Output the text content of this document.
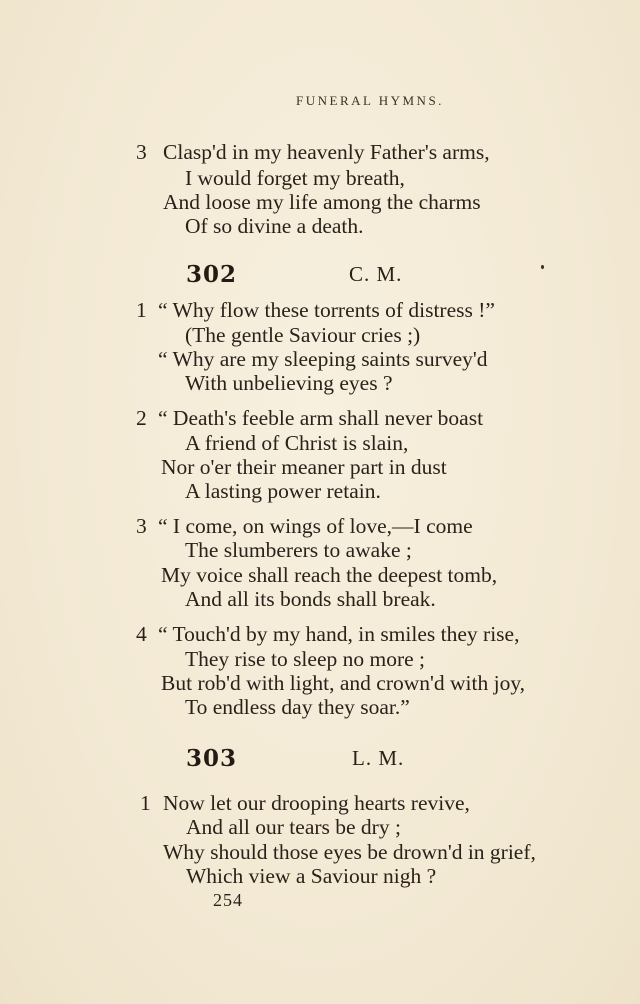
FUNERAL HYMNS.
3 Clasp'd in my heavenly Father's arms,
I would forget my breath,
And loose my life among the charms
Of so divine a death.
302	C. M.
1 “ Why flow these torrents of distress !”
(The gentle Saviour cries ;)
“ Why are my sleeping saints survey'd
With unbelieving eyes ?
2 “ Death's feeble arm shall never boast
A friend of Christ is slain,
Nor o'er their meaner part in dust
A lasting power retain.
3 “ I come, on wings of love,—I come
The slumberers to awake ;
My voice shall reach the deepest tomb,
And all its bonds shall break.
4 “ Touch'd by my hand, in smiles they rise,
They rise to sleep no more ;
But rob'd with light, and crown'd with joy,
To endless day they soar.”
303	L. M.
1 Now let our drooping hearts revive,
And all our tears be dry ;
Why should those eyes be drown'd in grief,
Which view a Saviour nigh ?
254
